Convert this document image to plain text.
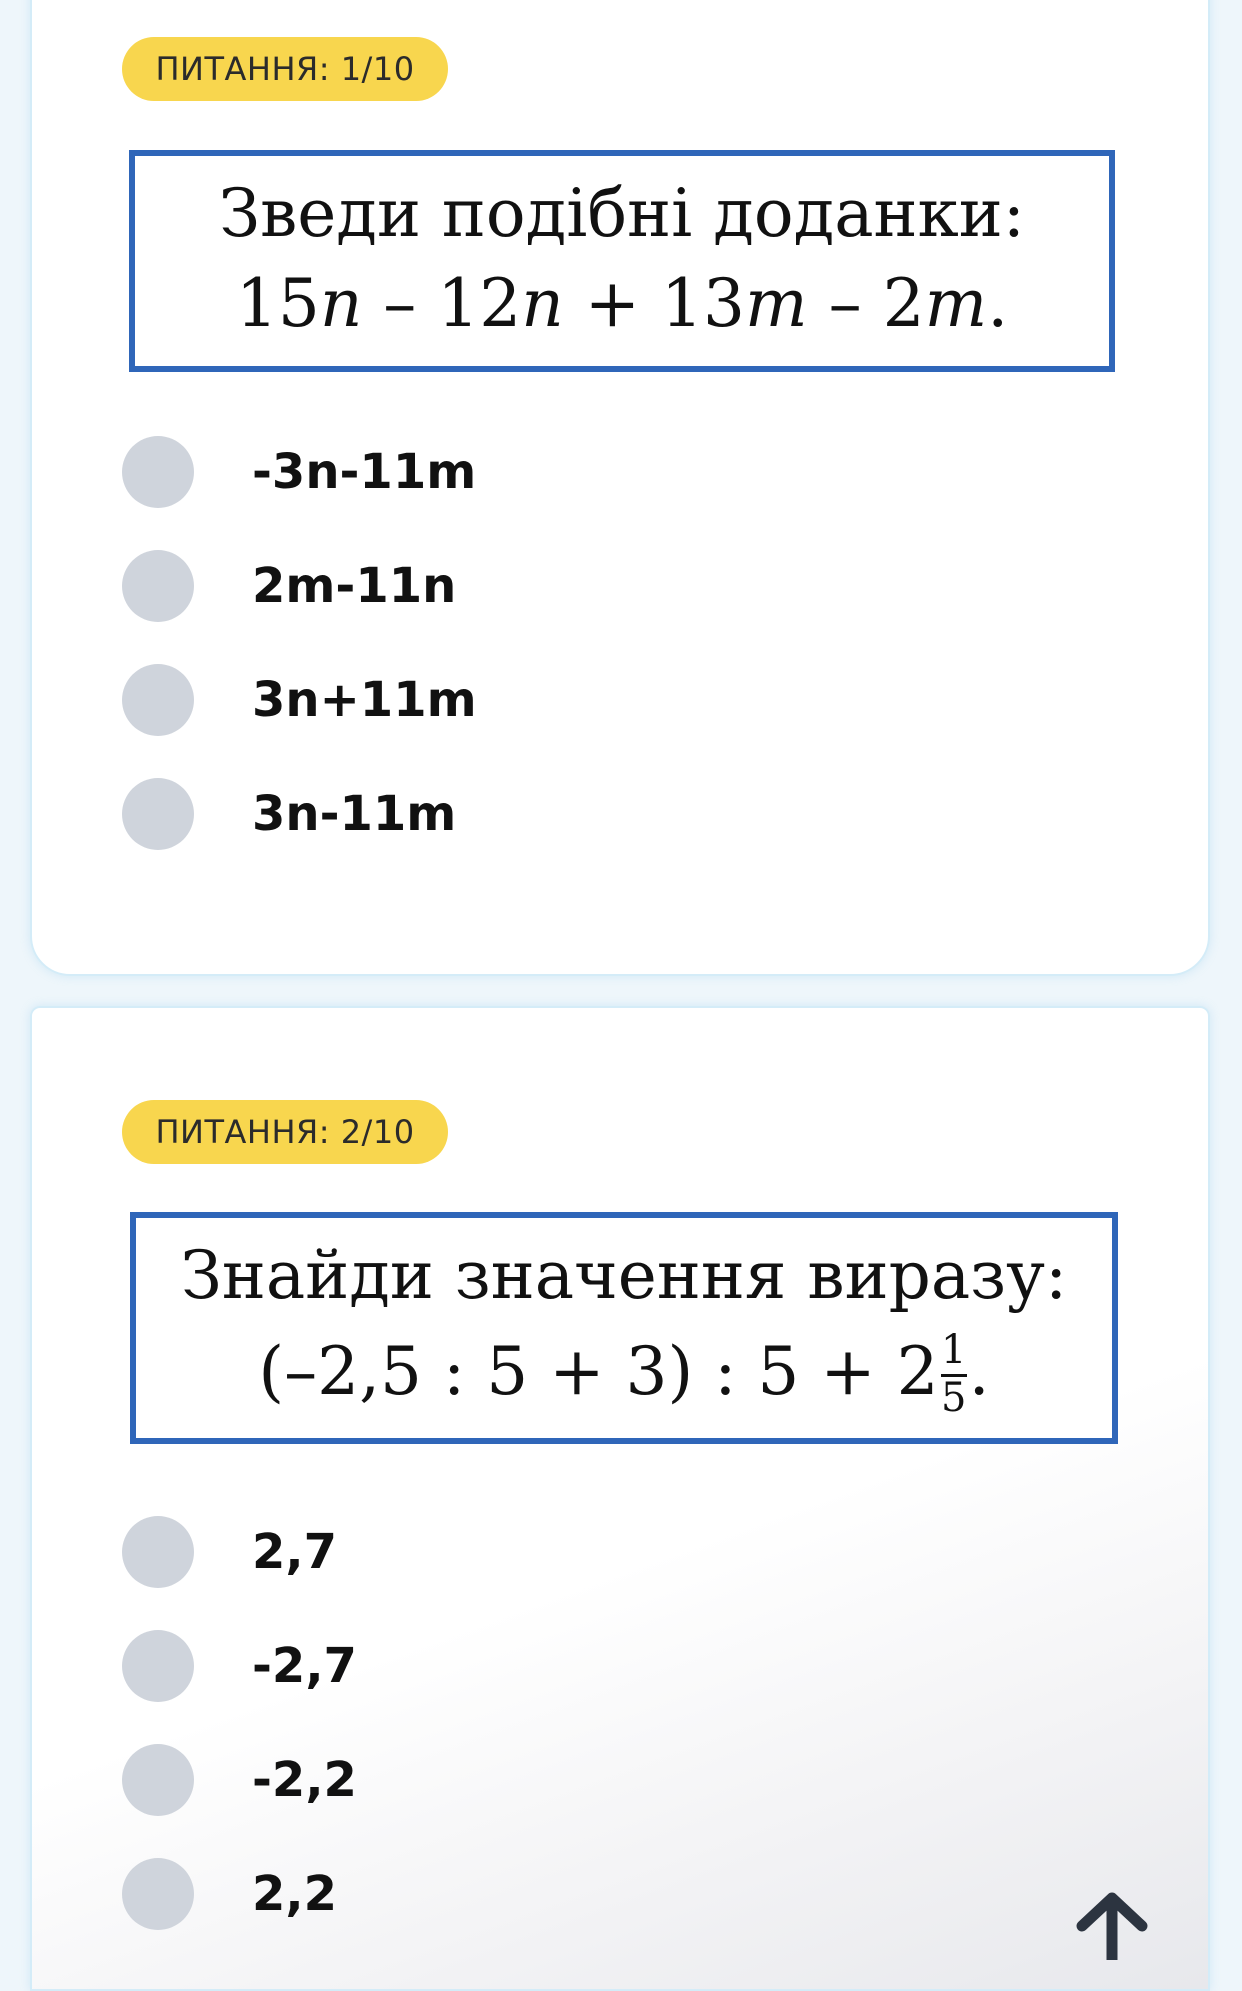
ПИТАННЯ: 1/10
Зведи подібні доданки:
15n – 12n + 13m – 2m.
-3n-11m
2m-11n
3n+11m
3n-11m
ПИТАННЯ: 2/10
Знайди значення виразу:
(–2,5 : 5 + 3) : $5 + 2 \frac{1}{5}$ .
2,7
-2,7
-2,2
2,2
